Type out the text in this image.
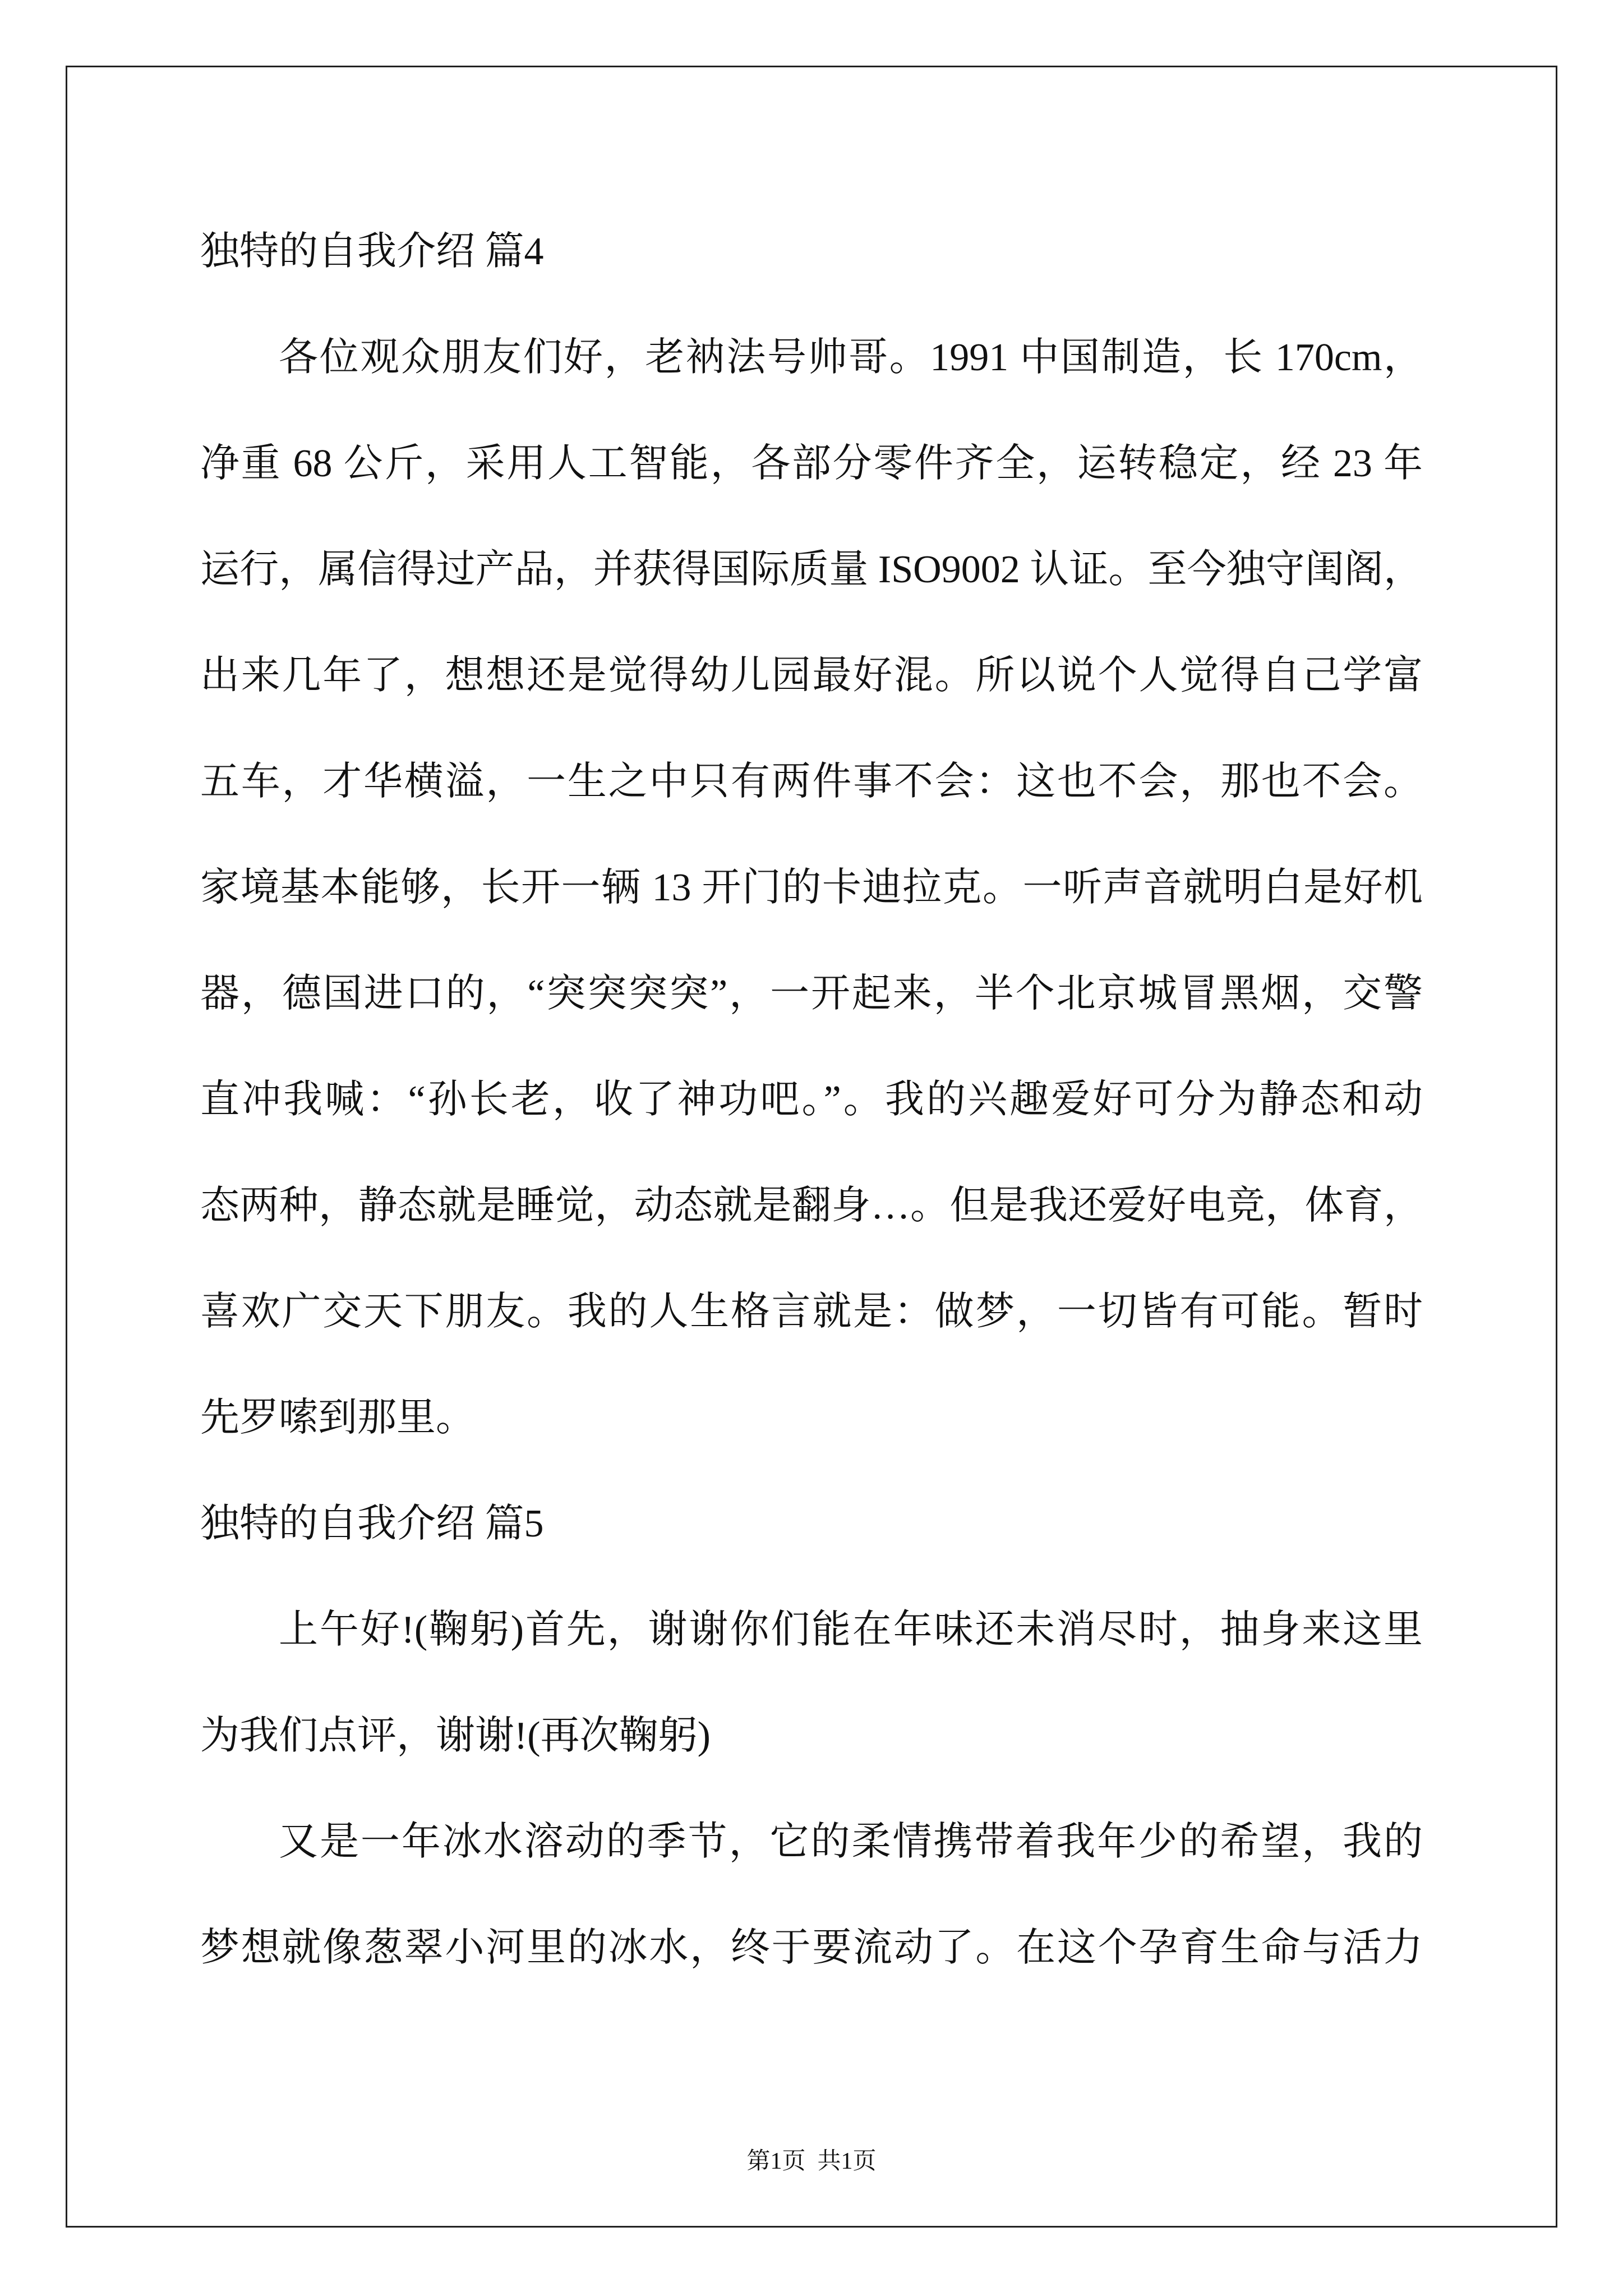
独特的自我介绍 篇4
各位观众朋友们好，老衲法号帅哥。1991 中国制造，长 170cm，
净重 68 公斤，采用人工智能，各部分零件齐全，运转稳定，经 23 年
运行，属信得过产品，并获得国际质量 ISO9002 认证。至今独守闺阁，
出来几年了，想想还是觉得幼儿园最好混。所以说个人觉得自己学富
五车，才华横溢，一生之中只有两件事不会：这也不会，那也不会。
家境基本能够，长开一辆 13 开门的卡迪拉克。一听声音就明白是好机
器，德国进口的，“突突突突”，一开起来，半个北京城冒黑烟，交警
直冲我喊：“孙长老，收了神功吧。”。我的兴趣爱好可分为静态和动
态两种，静态就是睡觉，动态就是翻身…。但是我还爱好电竞，体育，
喜欢广交天下朋友。我的人生格言就是：做梦，一切皆有可能。暂时
先罗嗦到那里。
独特的自我介绍 篇5
上午好!(鞠躬)首先，谢谢你们能在年味还未消尽时，抽身来这里
为我们点评，谢谢!(再次鞠躬)
又是一年冰水溶动的季节，它的柔情携带着我年少的希望，我的
梦想就像葱翠小河里的冰水，终于要流动了。在这个孕育生命与活力
第1页  共1页
